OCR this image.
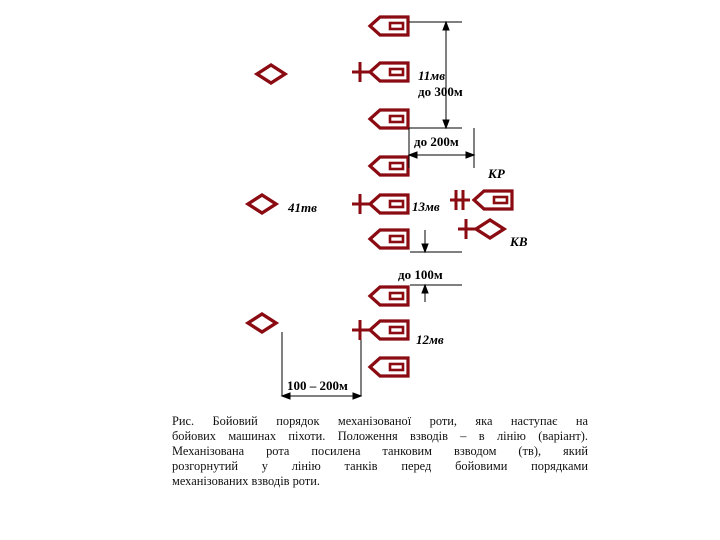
11мв
13мв
12мв
41тв
КР
КВ
до 300м
до 200м
до 100м
100 – 200м
Рис. Бойовий порядок механізованої роти, яка наступає на
бойових машинах піхоти. Положення взводів – в лінію (варіант).
Механізована рота посилена танковим взводом (тв), який
розгорнутий у лінію танків перед бойовими порядками
механізованих взводів роти.
